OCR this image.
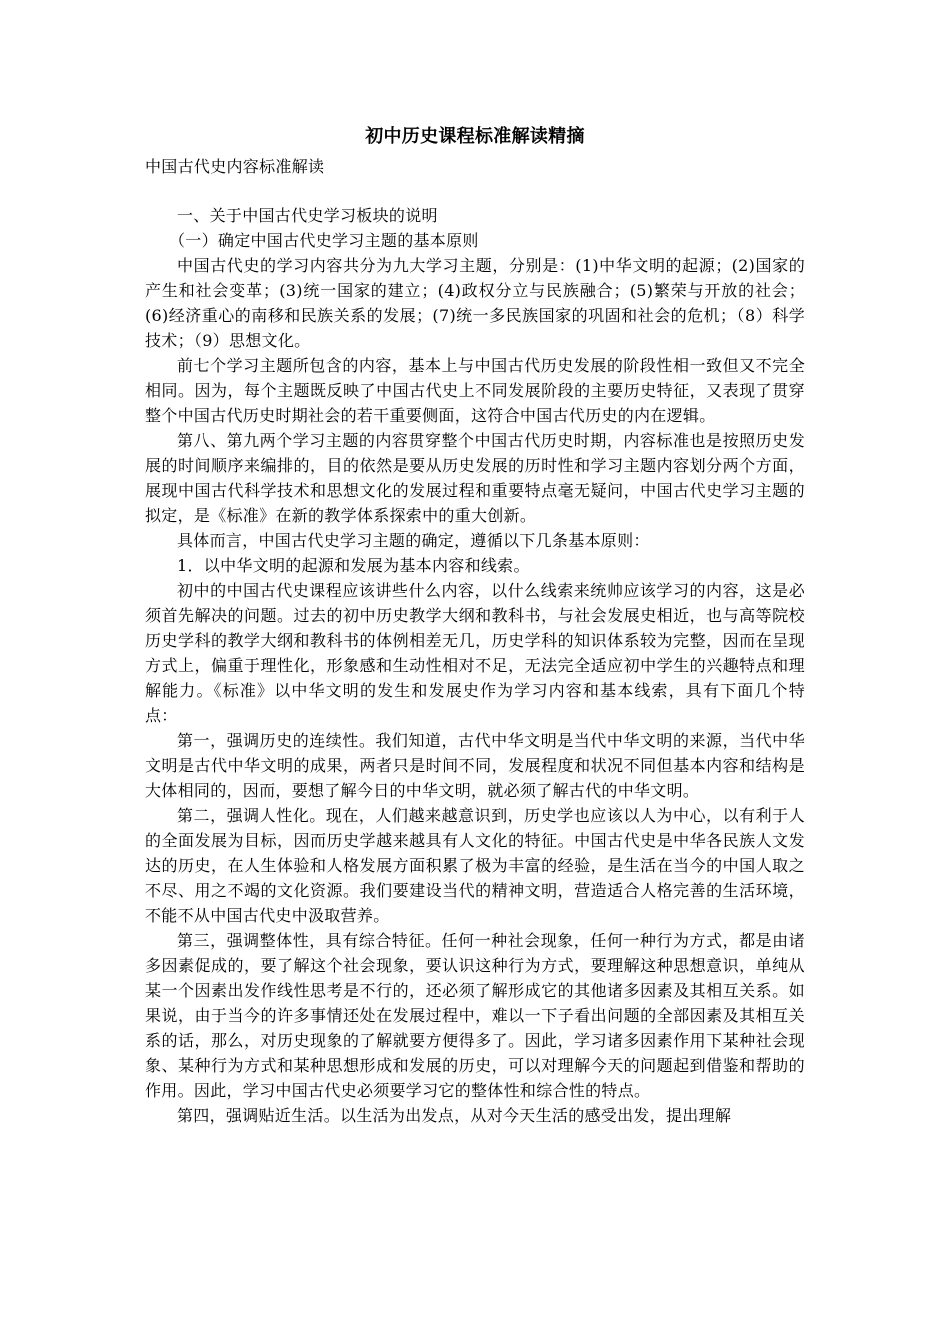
初中历史课程标准解读精摘

中国古代史内容标准解读

一、关于中国古代史学习板块的说明

（一）确定中国古代史学习主题的基本原则

中国古代史的学习内容共分为九大学习主题，分别是：(1)中华文明的起源；(2)国家的产生和社会变革；(3)统一国家的建立；(4)政权分立与民族融合；(5)繁荣与开放的社会；(6)经济重心的南移和民族关系的发展；(7)统一多民族国家的巩固和社会的危机；（8）科学技术；（9）思想文化。

前七个学习主题所包含的内容，基本上与中国古代历史发展的阶段性相一致但又不完全相同。因为，每个主题既反映了中国古代史上不同发展阶段的主要历史特征，又表现了贯穿整个中国古代历史时期社会的若干重要侧面，这符合中国古代历史的内在逻辑。

第八、第九两个学习主题的内容贯穿整个中国古代历史时期，内容标准也是按照历史发展的时间顺序来编排的，目的依然是要从历史发展的历时性和学习主题内容划分两个方面，展现中国古代科学技术和思想文化的发展过程和重要特点毫无疑问，中国古代史学习主题的拟定，是《标准》在新的教学体系探索中的重大创新。

具体而言，中国古代史学习主题的确定，遵循以下几条基本原则：

1．以中华文明的起源和发展为基本内容和线索。

初中的中国古代史课程应该讲些什么内容，以什么线索来统帅应该学习的内容，这是必须首先解决的问题。过去的初中历史教学大纲和教科书，与社会发展史相近，也与高等院校历史学科的教学大纲和教科书的体例相差无几，历史学科的知识体系较为完整，因而在呈现方式上，偏重于理性化，形象感和生动性相对不足，无法完全适应初中学生的兴趣特点和理解能力。《标准》以中华文明的发生和发展史作为学习内容和基本线索，具有下面几个特点：

第一，强调历史的连续性。我们知道，古代中华文明是当代中华文明的来源，当代中华文明是古代中华文明的成果，两者只是时间不同，发展程度和状况不同但基本内容和结构是大体相同的，因而，要想了解今日的中华文明，就必须了解古代的中华文明。

第二，强调人性化。现在，人们越来越意识到，历史学也应该以人为中心，以有利于人的全面发展为目标，因而历史学越来越具有人文化的特征。中国古代史是中华各民族人文发达的历史，在人生体验和人格发展方面积累了极为丰富的经验，是生活在当今的中国人取之不尽、用之不竭的文化资源。我们要建设当代的精神文明，营造适合人格完善的生活环境，不能不从中国古代史中汲取营养。

第三，强调整体性，具有综合特征。任何一种社会现象，任何一种行为方式，都是由诸多因素促成的，要了解这个社会现象，要认识这种行为方式，要理解这种思想意识，单纯从某一个因素出发作线性思考是不行的，还必须了解形成它的其他诸多因素及其相互关系。如果说，由于当今的许多事情还处在发展过程中，难以一下子看出问题的全部因素及其相互关系的话，那么，对历史现象的了解就要方便得多了。因此，学习诸多因素作用下某种社会现象、某种行为方式和某种思想形成和发展的历史，可以对理解今天的问题起到借鉴和帮助的作用。因此，学习中国古代史必须要学习它的整体性和综合性的特点。

第四，强调贴近生活。以生活为出发点，从对今天生活的感受出发，提出理解
